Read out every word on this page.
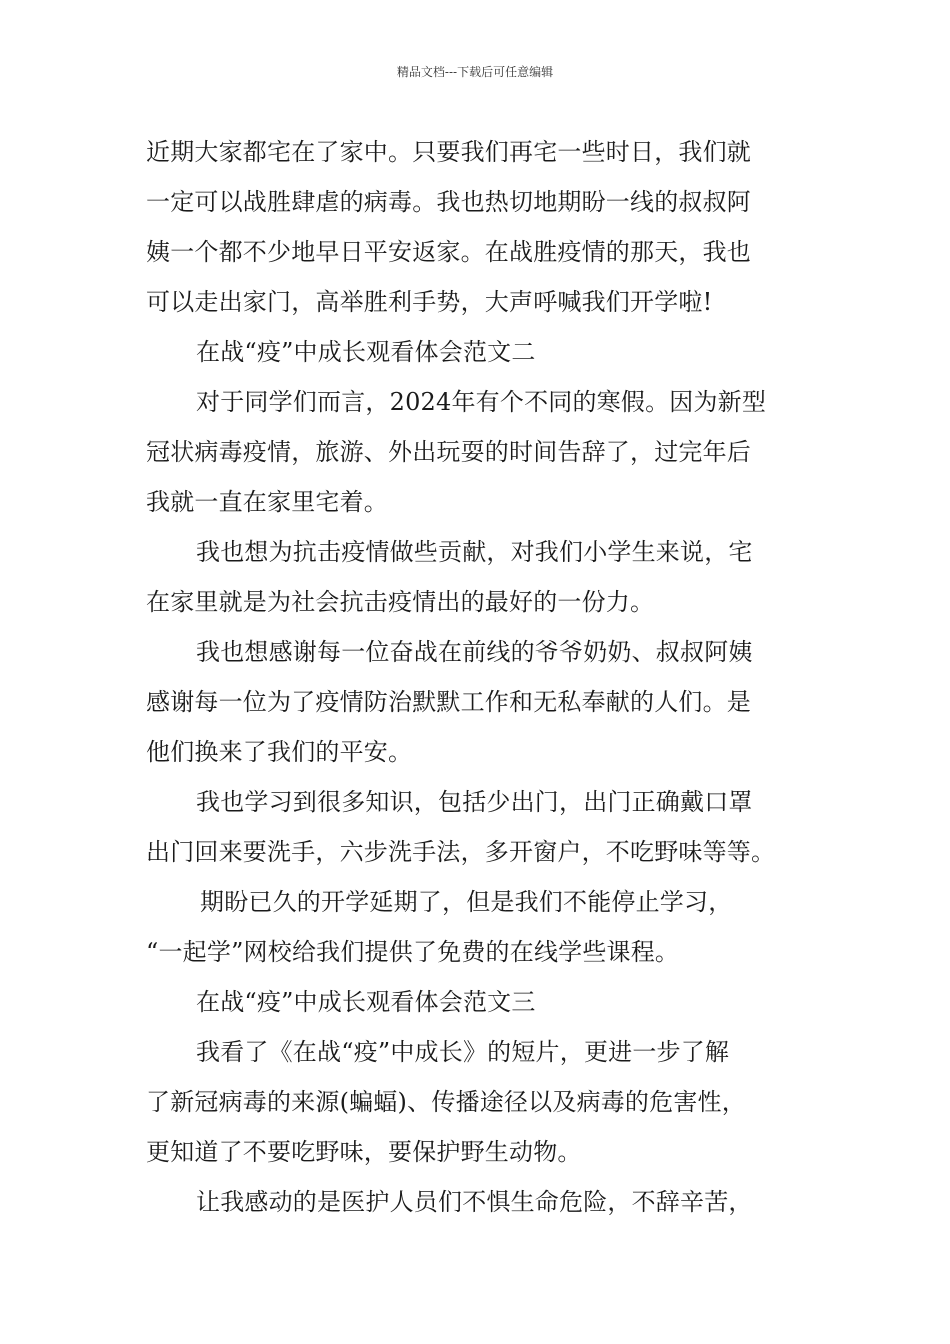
精品文档---下载后可任意编辑
近期大家都宅在了家中。只要我们再宅一些时日，我们就
一定可以战胜肆虐的病毒。我也热切地期盼一线的叔叔阿
姨一个都不少地早日平安返家。在战胜疫情的那天，我也
可以走出家门，高举胜利手势，大声呼喊我们开学啦!
在战“疫”中成长观看体会范文二
对于同学们而言，2024年有个不同的寒假。因为新型
冠状病毒疫情，旅游、外出玩耍的时间告辞了，过完年后
我就一直在家里宅着。
我也想为抗击疫情做些贡献，对我们小学生来说，宅
在家里就是为社会抗击疫情出的最好的一份力。
我也想感谢每一位奋战在前线的爷爷奶奶、叔叔阿姨
感谢每一位为了疫情防治默默工作和无私奉献的人们。是
他们换来了我们的平安。
我也学习到很多知识，包括少出门，出门正确戴口罩
出门回来要洗手，六步洗手法，多开窗户，不吃野味等等。
期盼已久的开学延期了，但是我们不能停止学习，
“一起学”网校给我们提供了免费的在线学些课程。
在战“疫”中成长观看体会范文三
我看了《在战“疫”中成长》的短片，更进一步了解
了新冠病毒的来源(蝙蝠)、传播途径以及病毒的危害性，
更知道了不要吃野味，要保护野生动物。
让我感动的是医护人员们不惧生命危险，不辞辛苦，
